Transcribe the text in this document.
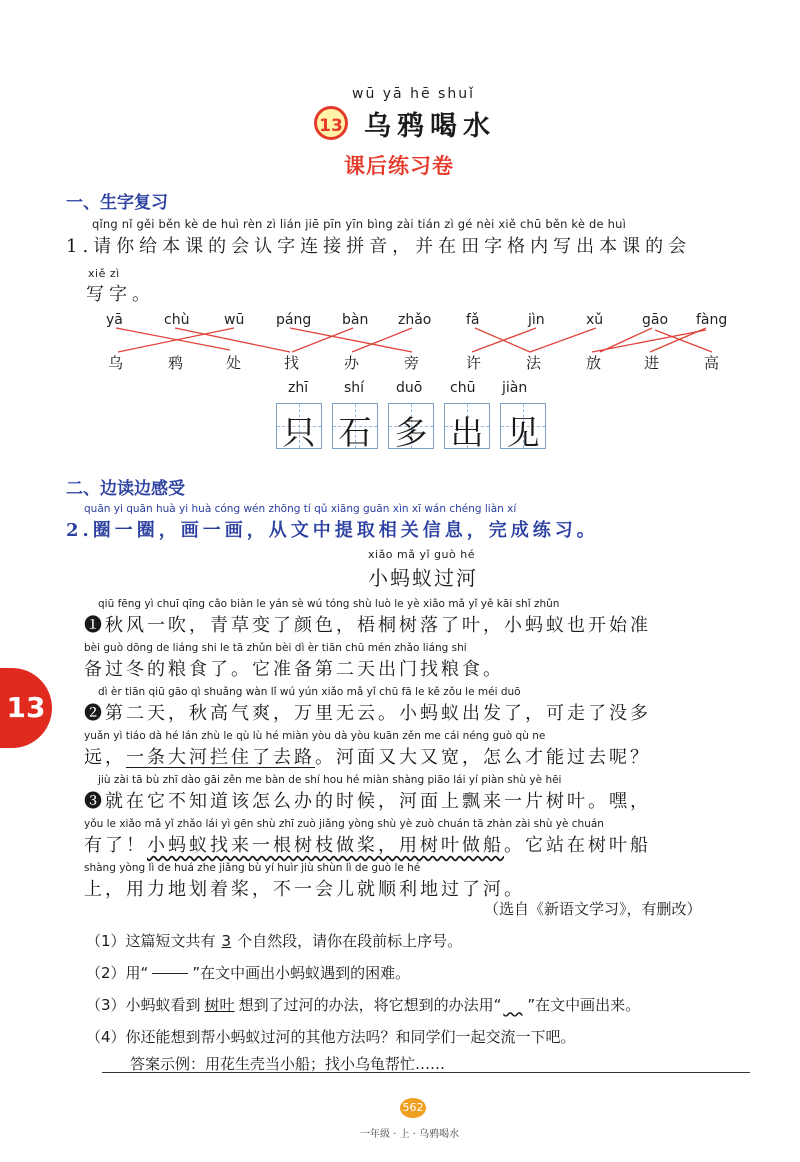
wū yā hē shuǐ
13 乌鸦喝水
课后练习卷
一、生字复习
qǐng nǐ gěi běn kè de huì rèn zì lián jiē pīn yīn bìng zài tián zì gé nèi xiě chū běn kè de huì
1.请你给本课的会认字连接拼音，并在田字格内写出本课的会
xiě zì
写字。
yā	chù wū páng bàn zhǎo fǎ	jìn	xǔ	gāo fàng
乌	鸦	处	找	办	旁	许	法	放	进	高
zhī	shí duō chū jiàn
只 石 多 出 见
二、边读边感受
quān yi quān huà yi huà cóng wén zhōng tí qǔ xiāng guān xìn xī wán chéng liàn xí
2.圈一圈，画一画，从文中提取相关信息，完成练习。
xiǎo mǎ yǐ guò hé
小蚂蚁过河
qiū fēng yì chuī qīng cǎo biàn le yán sè wú tóng shù luò le yè xiǎo mǎ yǐ yě kāi shǐ zhǔn
❶秋风一吹，青草变了颜色，梧桐树落了叶，小蚂蚁也开始准
bèi guò dōng de liáng shi le tā zhǔn bèi dì èr tiān chū mén zhǎo liáng shi
备过冬的粮食了。它准备第二天出门找粮食。
dì èr tiān qiū gāo qì shuǎng wàn lǐ wú yún xiǎo mǎ yǐ chū fā le kě zǒu le méi duō
❷第二天，秋高气爽，万里无云。小蚂蚁出发了，可走了没多
yuǎn yì tiáo dà hé lán zhù le qù lù hé miàn yòu dà yòu kuān zěn me cái néng guò qù ne
远，一条大河拦住了去路。河面又大又宽，怎么才能过去呢？
jiù zài tā bù zhī dào gāi zěn me bàn de shí hou hé miàn shàng piāo lái yí piàn shù yè hēi
❸就在它不知道该怎么办的时候，河面上飘来一片树叶。嘿，
yǒu le xiǎo mǎ yǐ zhǎo lái yì gēn shù zhī zuò jiǎng yòng shù yè zuò chuán tā zhàn zài shù yè chuán
有了！小蚂蚁找来一根树枝做桨，用树叶做船。它站在树叶船
shàng yòng lì de huá zhe jiǎng bù yí huìr jiù shùn lì de guò le hé
上，用力地划着桨，不一会儿就顺利地过了河。
（选自《新语文学习》，有删改）
（1）这篇短文共有 3 个自然段，请你在段前标上序号。
（2）用“	”在文中画出小蚂蚁遇到的困难。
（3）小蚂蚁看到 树叶 想到了过河的办法，将它想到的办法用“ ”在文中画出来。
（4）你还能想到帮小蚂蚁过河的其他方法吗？和同学们一起交流一下吧。
答案示例：用花生壳当小船；找小乌龟帮忙……
13
562
一年级 · 上 · 乌鸦喝水
